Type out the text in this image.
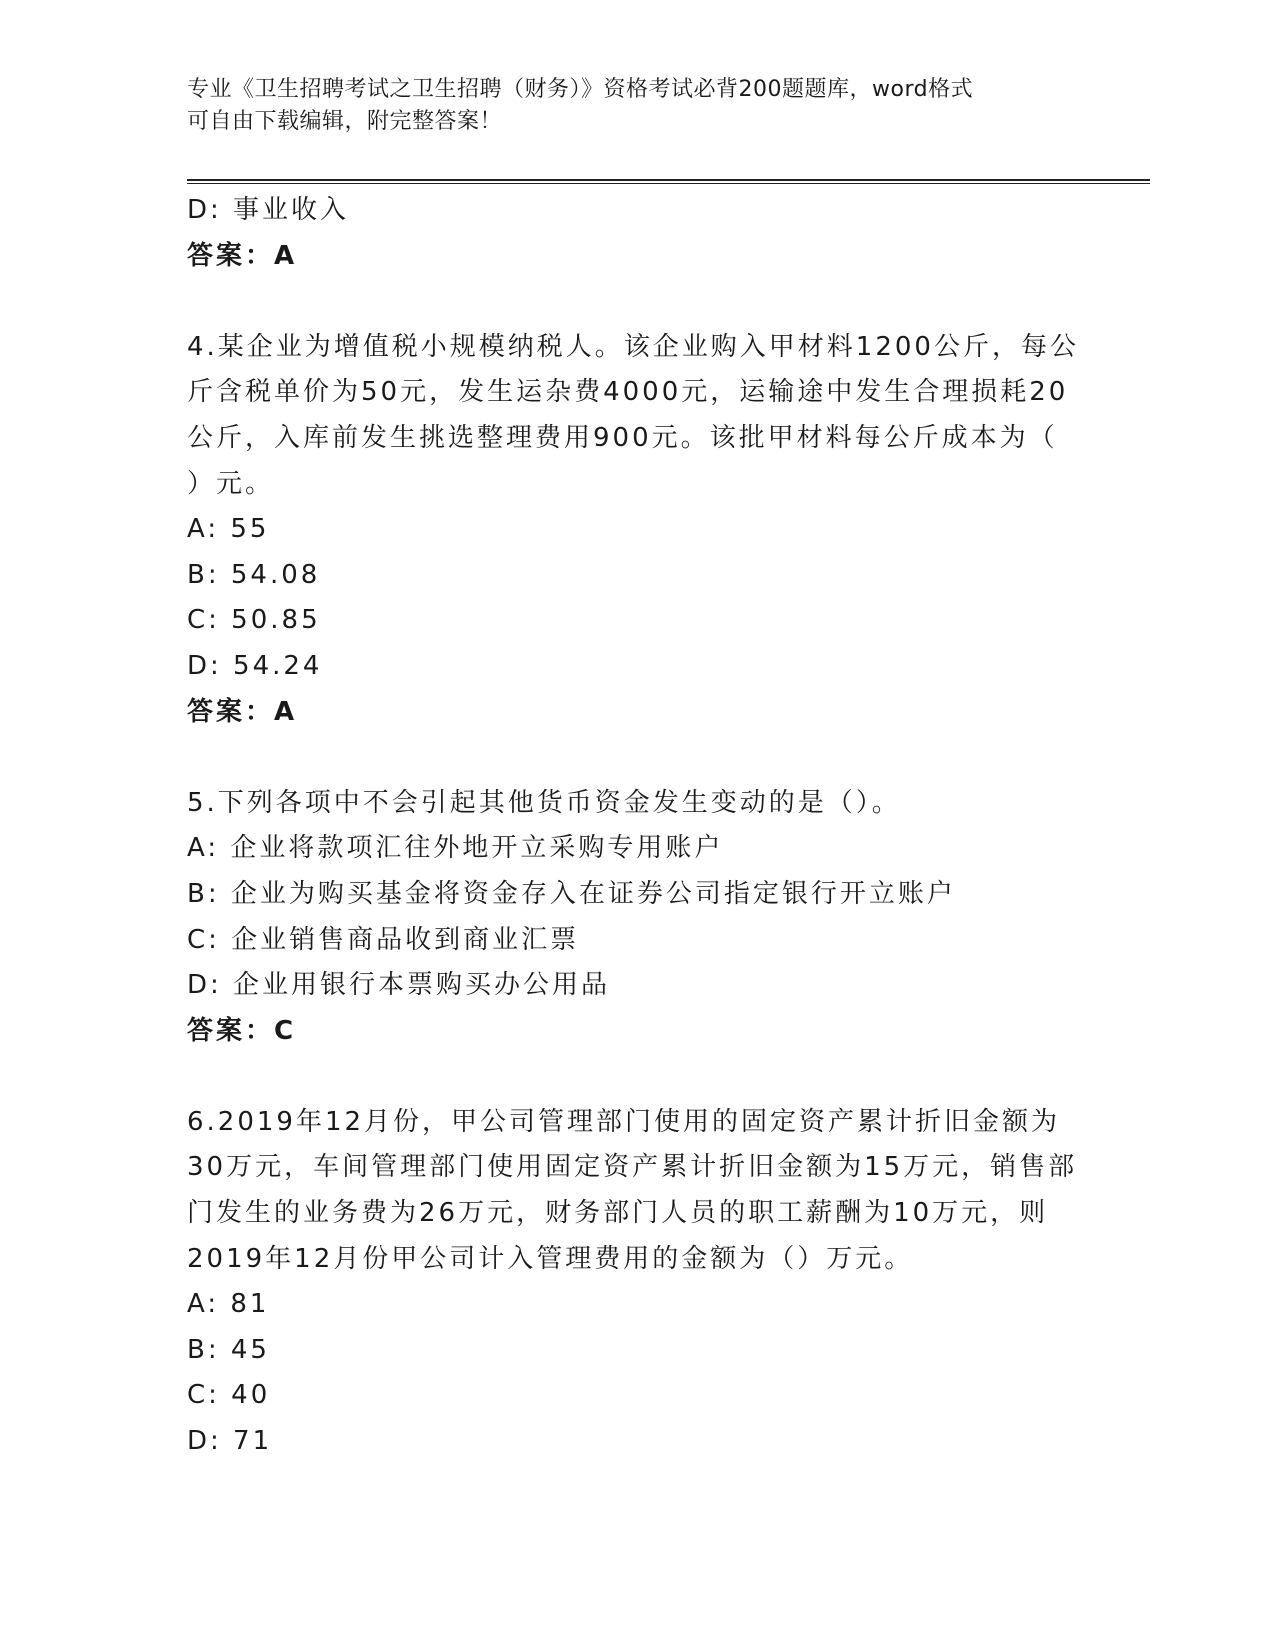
专业《卫生招聘考试之卫生招聘（财务）》资格考试必背200题题库，word格式
可自由下载编辑，附完整答案！
D: 事业收入
答案：A
4.某企业为增值税小规模纳税人。该企业购入甲材料1200公斤，每公
斤含税单价为50元，发生运杂费4000元，运输途中发生合理损耗20
公斤，入库前发生挑选整理费用900元。该批甲材料每公斤成本为（
）元。
A: 55
B: 54.08
C: 50.85
D: 54.24
答案：A
5.下列各项中不会引起其他货币资金发生变动的是（）。
A: 企业将款项汇往外地开立采购专用账户
B: 企业为购买基金将资金存入在证券公司指定银行开立账户
C: 企业销售商品收到商业汇票
D: 企业用银行本票购买办公用品
答案：C
6.2019年12月份，甲公司管理部门使用的固定资产累计折旧金额为
30万元，车间管理部门使用固定资产累计折旧金额为15万元，销售部
门发生的业务费为26万元，财务部门人员的职工薪酬为10万元，则
2019年12月份甲公司计入管理费用的金额为（）万元。
A: 81
B: 45
C: 40
D: 71
